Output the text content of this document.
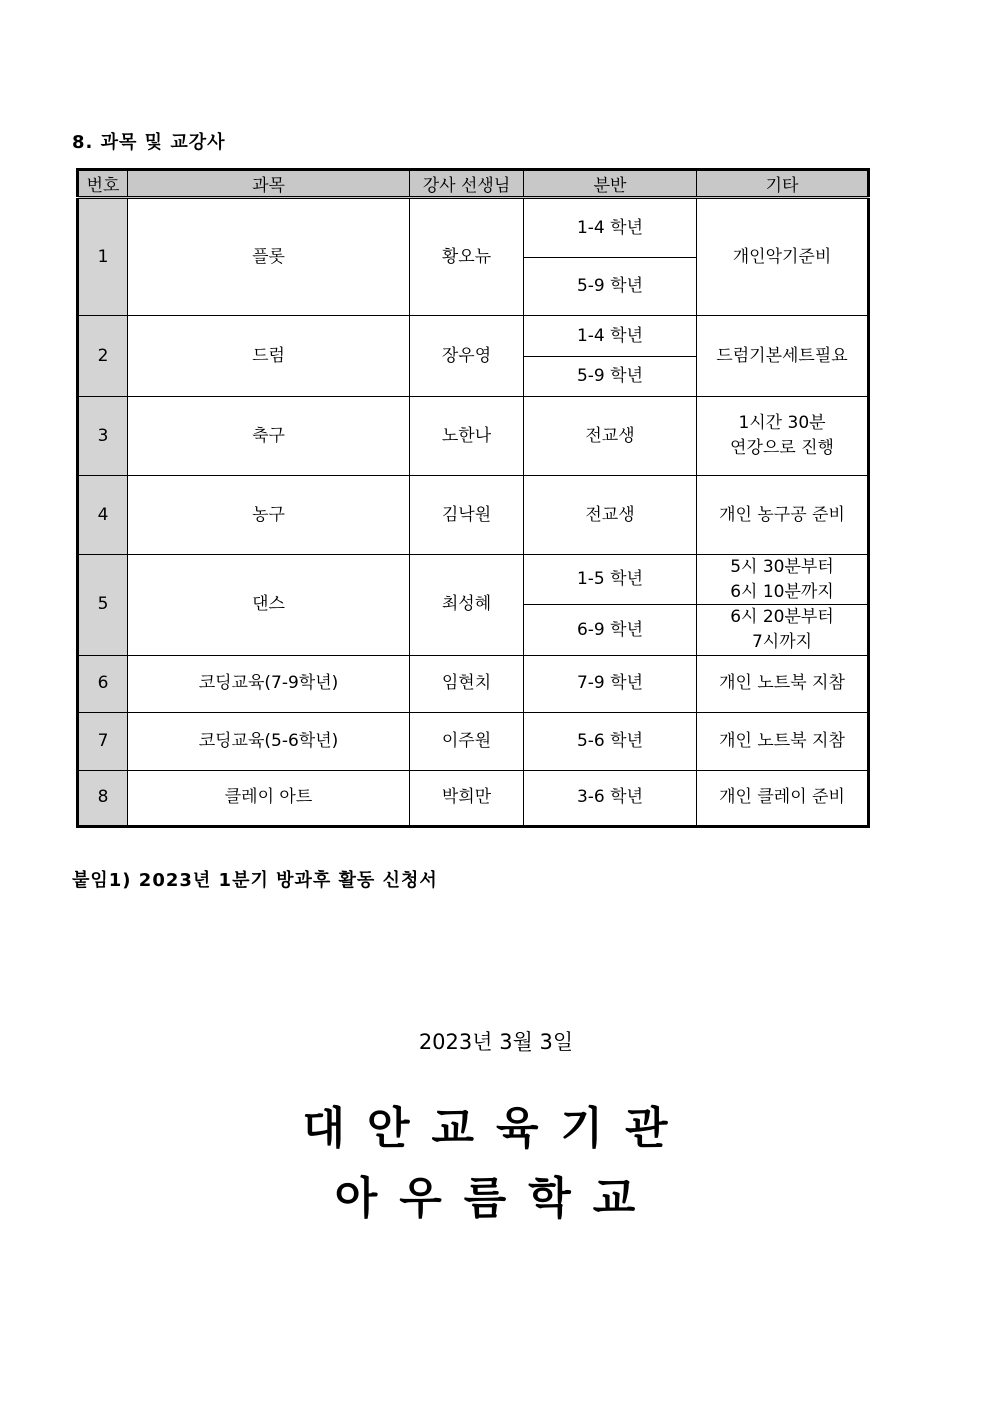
8. 과목 및 교강사
번호	과목	강사 선생님	분반	기타
1	플롯	황오뉴	1-4 학년	개인악기준비
			5-9 학년	
2	드럼	장우영	1-4 학년	드럼기본세트필요
			5-9 학년	
3	축구	노한나	전교생	1시간 30분
연강으로 진행

4	농구	김낙원	전교생	개인 농구공 준비
5	댄스	최성혜	1-5 학년	5시 30분부터
6시 10분까지

			6-9 학년	6시 20분부터
7시까지

6	코딩교육(7-9학년)	임현치	7-9 학년	개인 노트북 지참
7	코딩교육(5-6학년)	이주원	5-6 학년	개인 노트북 지참
8	클레이 아트	박희만	3-6 학년	개인 클레이 준비
붙임1) 2023년 1분기 방과후 활동 신청서
2023년 3월 3일
대안교육기관
아우름학교
